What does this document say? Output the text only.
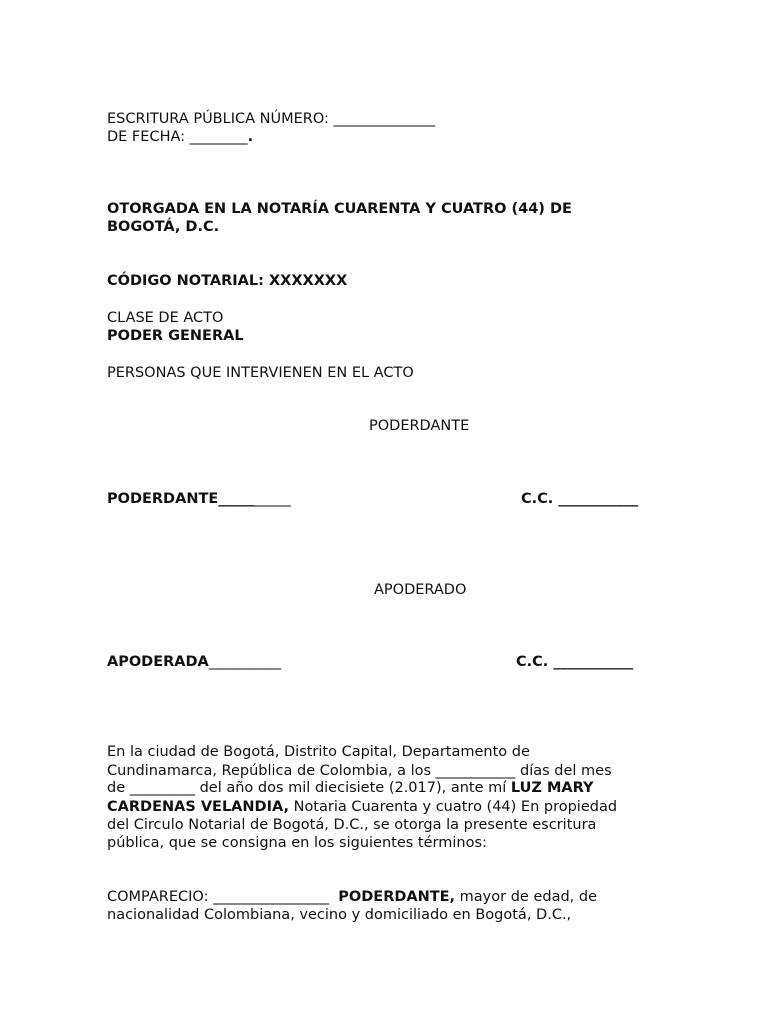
ESCRITURA PÚBLICA NÚMERO: ______________
DE FECHA: ________.
OTORGADA EN LA NOTARÍA CUARENTA Y CUATRO (44) DE
BOGOTÁ, D.C.
CÓDIGO NOTARIAL: XXXXXXX
CLASE DE ACTO
PODER GENERAL
PERSONAS QUE INTERVIENEN EN EL ACTO
PODERDANTE
PODERDANTE__________	C.C. ___________
APODERADO
APODERADA__________	C.C. ___________
En la ciudad de Bogotá, Distrito Capital, Departamento de
Cundinamarca, República de Colombia, a los ___________ días del mes
de _________ del año dos mil diecisiete (2.017), ante mí LUZ MARY
CARDENAS VELANDIA, Notaria Cuarenta y cuatro (44) En propiedad
del Circulo Notarial de Bogotá, D.C., se otorga la presente escritura
pública, que se consigna en los siguientes términos:
COMPARECIO: ________________  PODERDANTE, mayor de edad, de
nacionalidad Colombiana, vecino y domiciliado en Bogotá, D.C.,
